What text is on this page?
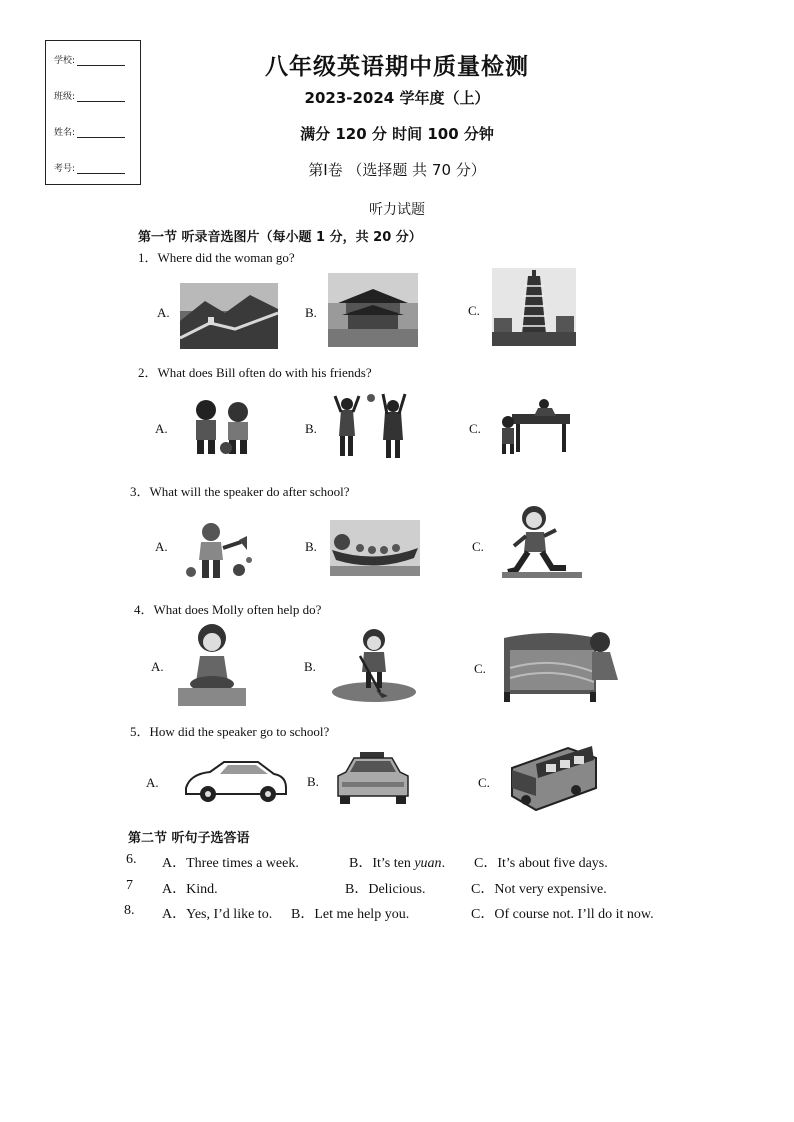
学校:
班级:
姓名:
考号:
八年级英语期中质量检测
2023-2024 学年度（上）
满分 120 分 时间 100 分钟
第Ⅰ卷 （选择题 共 70 分）
听力试题
第一节 听录音选图片（每小题 1 分，共 20 分）
1．Where did the woman go?
A.	B.	C.
2．What does Bill often do with his friends?
A.	B.	C.
3．What will the speaker do after school?
A.	B.	C.
4．What does Molly often help do?
A.	B.	C.
5．How did the speaker go to school?
A.	B.	C.
第二节 听句子选答语
6. A．Three times a week.	B．It’s ten yuan. C．It’s about five days.
7 A．Kind.	B．Delicious.	C．Not very expensive.
8. A．Yes, I’d like to. B．Let me help you.	C．Of course not. I’ll do it now.
